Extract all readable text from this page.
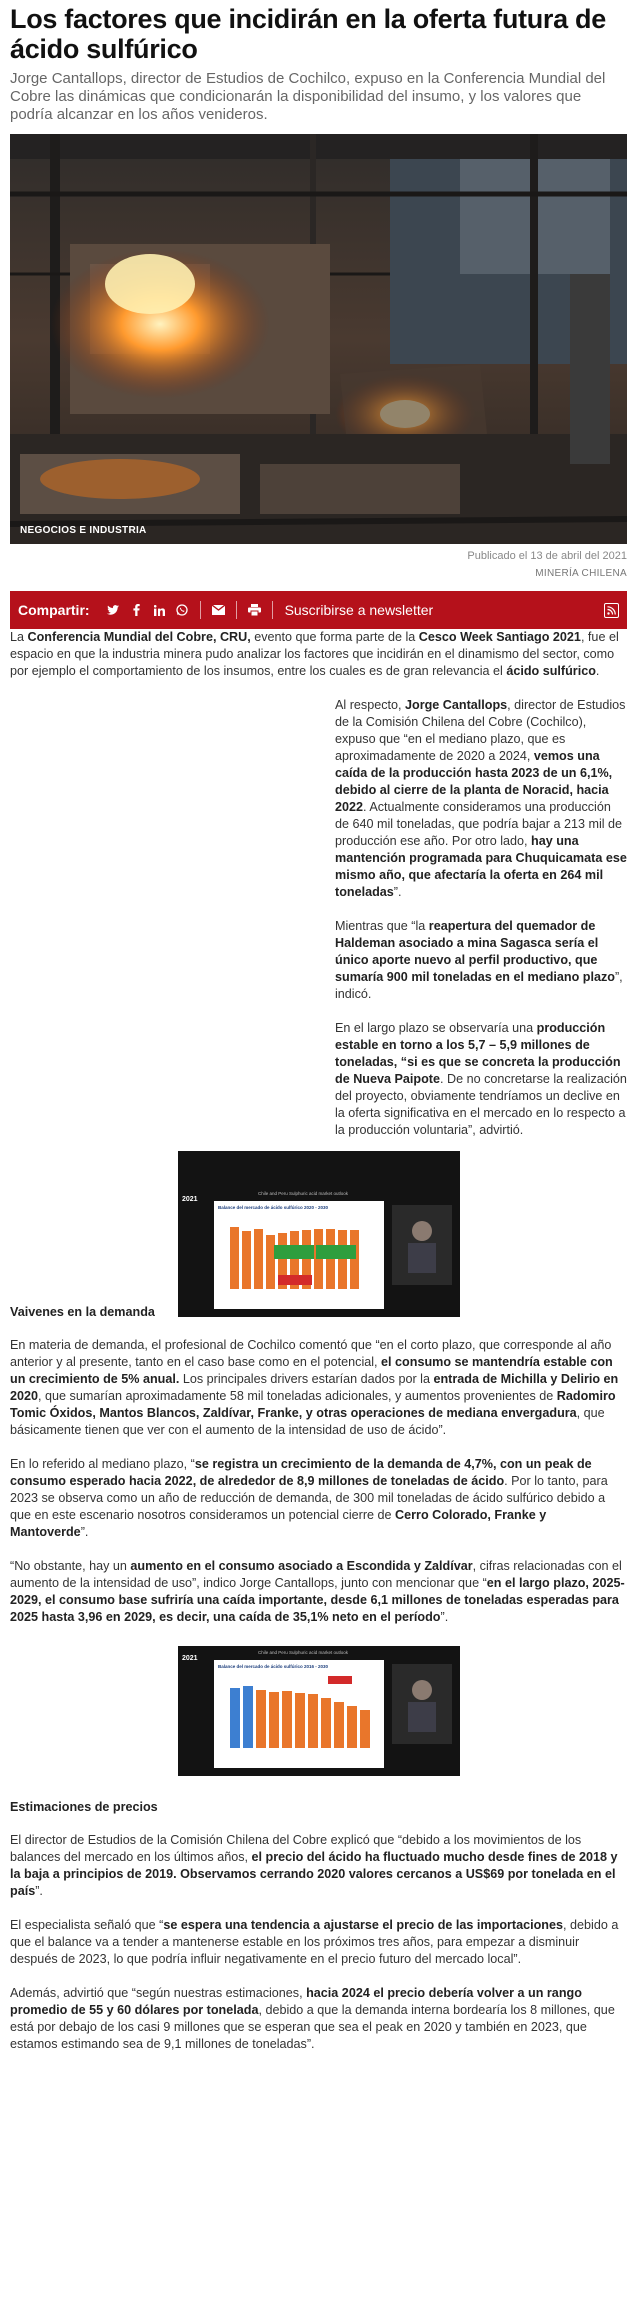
Los factores que incidirán en la oferta futura de ácido sulfúrico

Jorge Cantallops, director de Estudios de Cochilco, expuso en la Conferencia Mundial del Cobre las dinámicas que condicionarán la disponibilidad del insumo, y los valores que podría alcanzar en los años venideros.

NEGOCIOS E INDUSTRIA
Publicado el 13 de abril del 2021
MINERÍA CHILENA
Compartir:	Suscribirse a newsletter

La Conferencia Mundial del Cobre, CRU, evento que forma parte de la Cesco Week Santiago 2021, fue el espacio en que la industria minera pudo analizar los factores que incidirán en el dinamismo del sector, como por ejemplo el comportamiento de los insumos, entre los cuales es de gran relevancia el ácido sulfúrico.

Al respecto, Jorge Cantallops, director de Estudios de la Comisión Chilena del Cobre (Cochilco), expuso que “en el mediano plazo, que es aproximadamente de 2020 a 2024, vemos una caída de la producción hasta 2023 de un 6,1%, debido al cierre de la planta de Noracid, hacia 2022. Actualmente consideramos una producción de 640 mil toneladas, que podría bajar a 213 mil de producción ese año. Por otro lado, hay una mantención programada para Chuquicamata ese mismo año, que afectaría la oferta en 264 mil toneladas”.

Mientras que “la reapertura del quemador de Haldeman asociado a mina Sagasca sería el único aporte nuevo al perfil productivo, que sumaría 900 mil toneladas en el mediano plazo”, indicó.

En el largo plazo se observaría una producción estable en torno a los 5,7 – 5,9 millones de toneladas, “si es que se concreta la producción de Nueva Paipote. De no concretarse la realización del proyecto, obviamente tendríamos un declive en la oferta significativa en el mercado en lo respecto a la producción voluntaria”, advirtió.

2021
Chile and Peru Sulphuric acid market outlook
Balance del mercado de ácido sulfúrico 2020 - 2030

Vaivenes en la demanda

En materia de demanda, el profesional de Cochilco comentó que “en el corto plazo, que corresponde al año anterior y al presente, tanto en el caso base como en el potencial, el consumo se mantendría estable con un crecimiento de 5% anual. Los principales drivers estarían dados por la entrada de Michilla y Delirio en 2020, que sumarían aproximadamente 58 mil toneladas adicionales, y aumentos provenientes de Radomiro Tomic Óxidos, Mantos Blancos, Zaldívar, Franke, y otras operaciones de mediana envergadura, que básicamente tienen que ver con el aumento de la intensidad de uso de ácido”.

En lo referido al mediano plazo, “se registra un crecimiento de la demanda de 4,7%, con un peak de consumo esperado hacia 2022, de alrededor de 8,9 millones de toneladas de ácido. Por lo tanto, para 2023 se observa como un año de reducción de demanda, de 300 mil toneladas de ácido sulfúrico debido a que en este escenario nosotros consideramos un potencial cierre de Cerro Colorado, Franke y Mantoverde”.

“No obstante, hay un aumento en el consumo asociado a Escondida y Zaldívar, cifras relacionadas con el aumento de la intensidad de uso”, indico Jorge Cantallops, junto con mencionar que “en el largo plazo, 2025-2029, el consumo base sufriría una caída importante, desde 6,1 millones de toneladas esperadas para 2025 hasta 3,96 en 2029, es decir, una caída de 35,1% neto en el período”.

2021
Chile and Peru Sulphuric acid market outlook
Balance del mercado de ácido sulfúrico 2016 - 2030

Estimaciones de precios

El director de Estudios de la Comisión Chilena del Cobre explicó que “debido a los movimientos de los balances del mercado en los últimos años, el precio del ácido ha fluctuado mucho desde fines de 2018 y la baja a principios de 2019. Observamos cerrando 2020 valores cercanos a US$69 por tonelada en el país”.

El especialista señaló que “se espera una tendencia a ajustarse el precio de las importaciones, debido a que el balance va a tender a mantenerse estable en los próximos tres años, para empezar a disminuir después de 2023, lo que podría influir negativamente en el precio futuro del mercado local”.

Además, advirtió que “según nuestras estimaciones, hacia 2024 el precio debería volver a un rango promedio de 55 y 60 dólares por tonelada, debido a que la demanda interna bordearía los 8 millones, que está por debajo de los casi 9 millones que se esperan que sea el peak en 2020 y también en 2023, que estamos estimando sea de 9,1 millones de toneladas”.
